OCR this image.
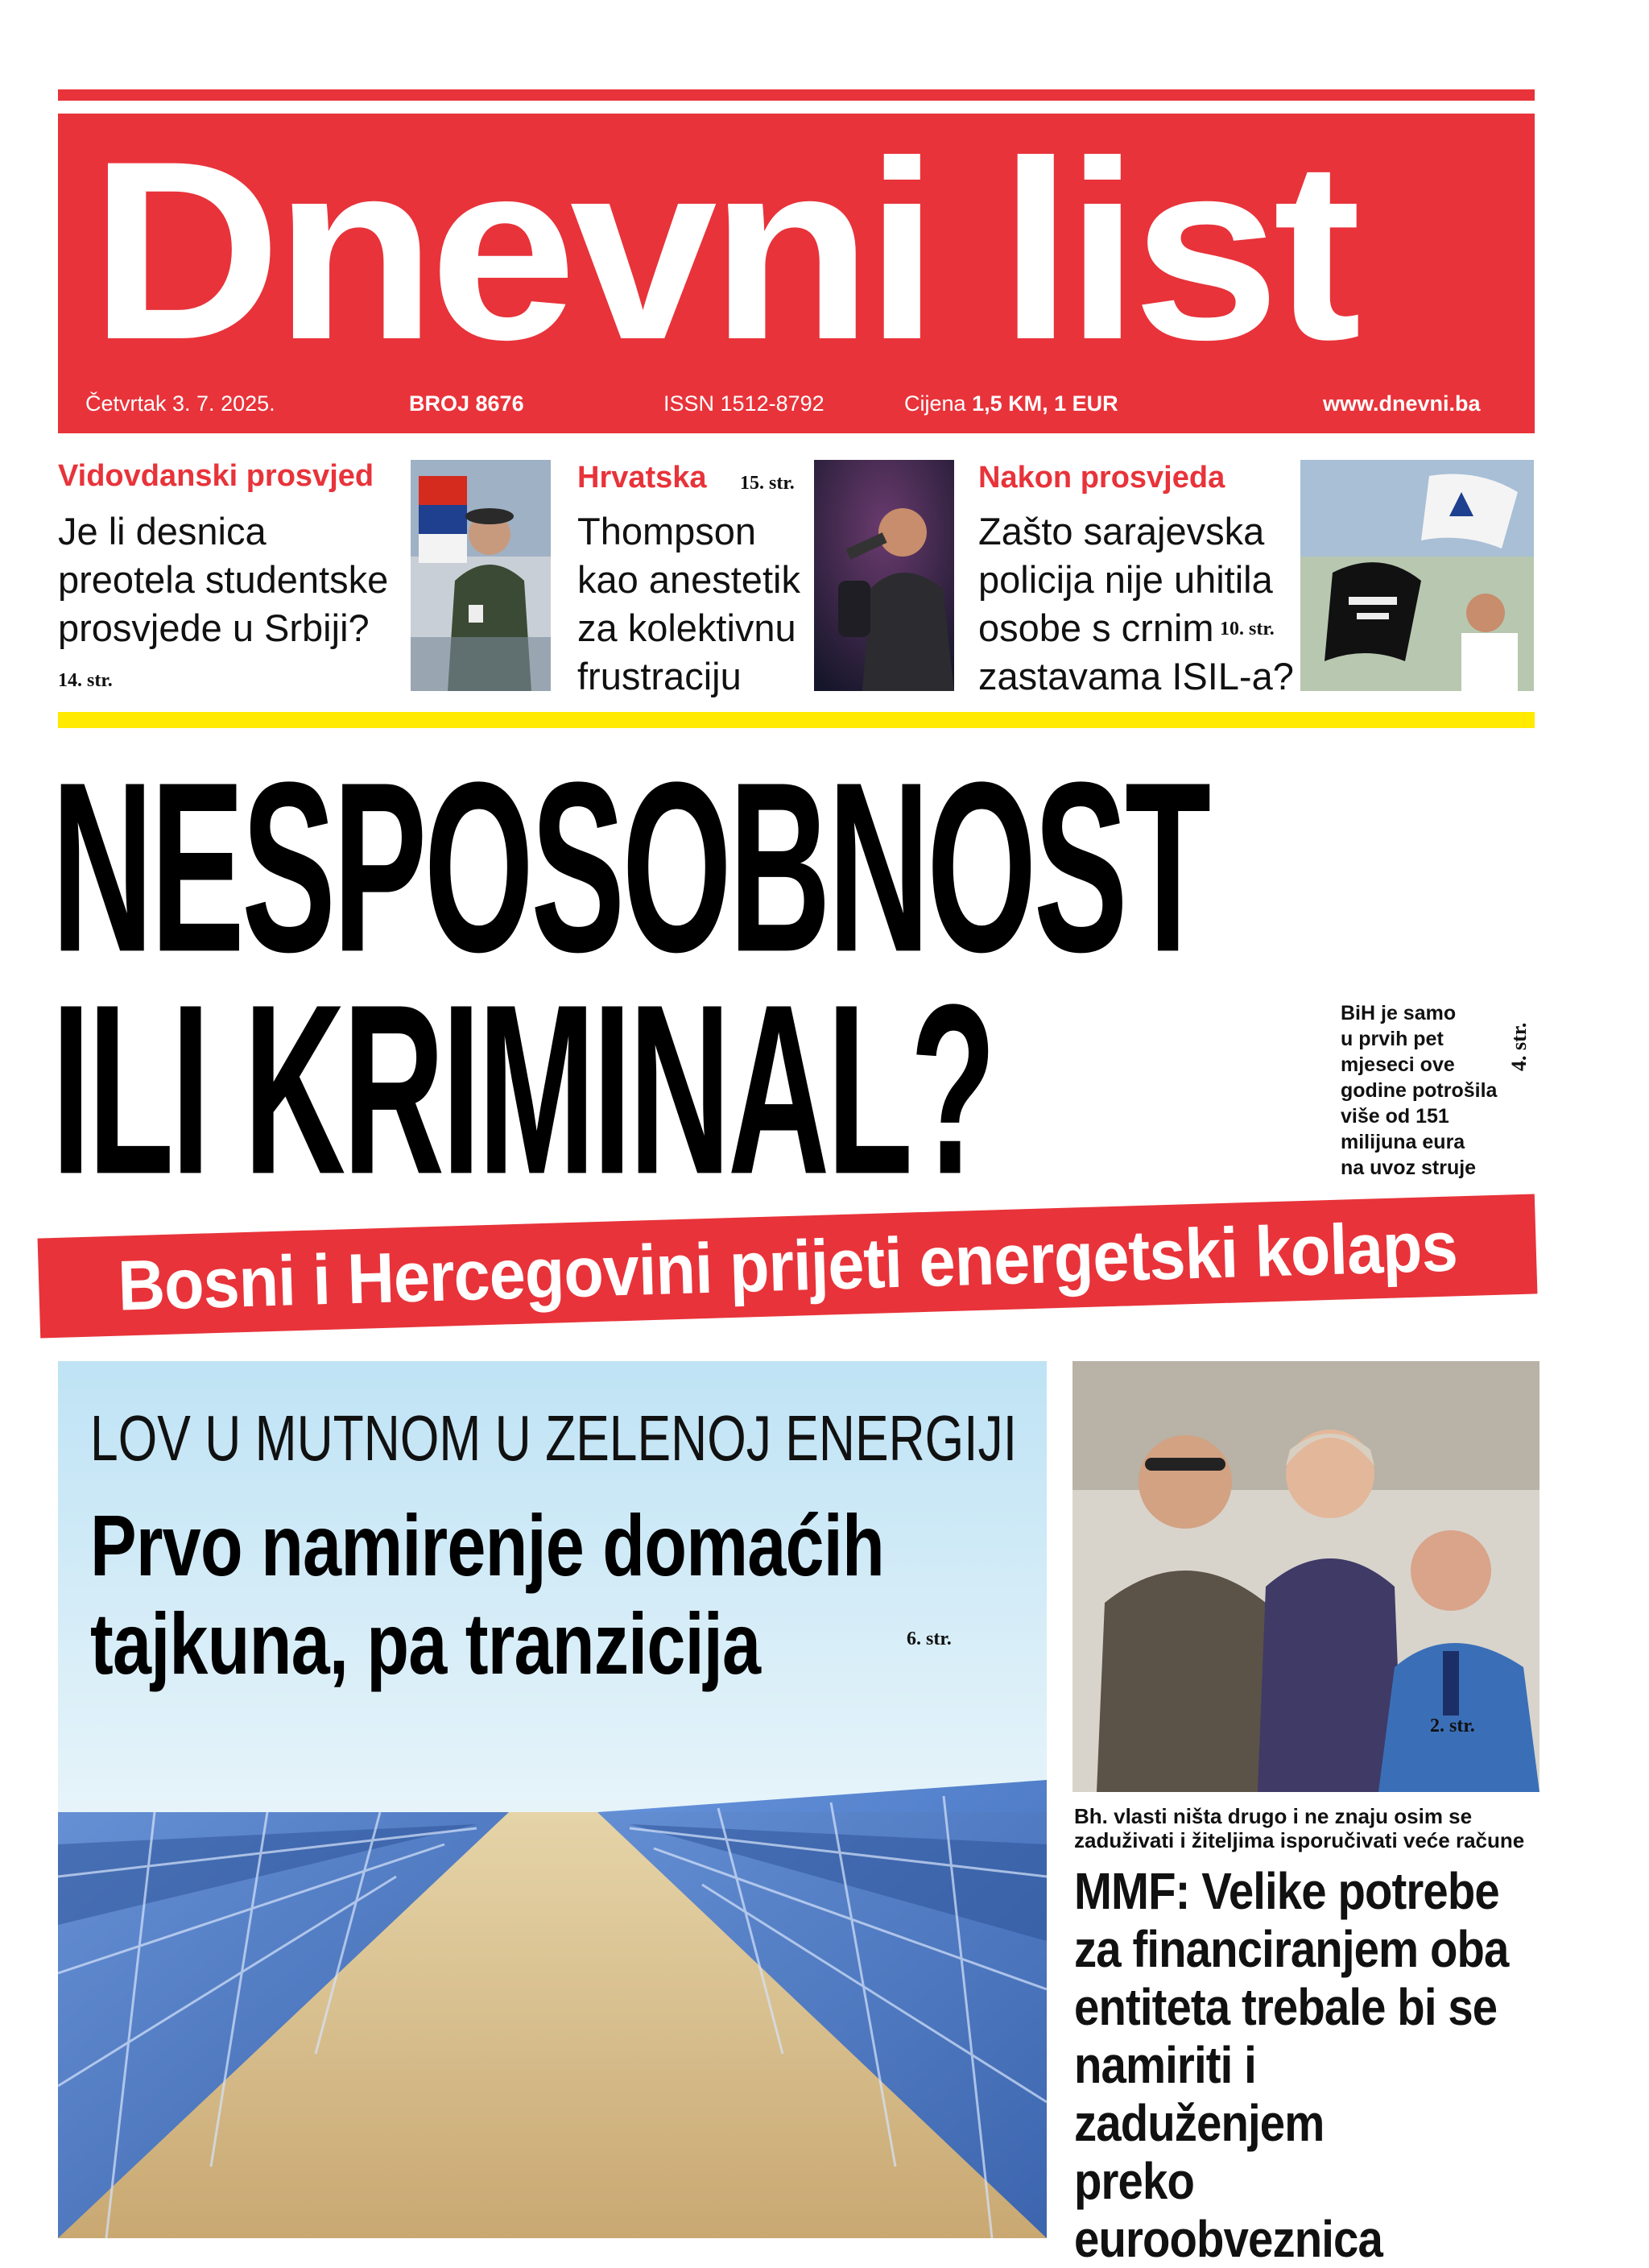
Dnevni list
Četvrtak 3. 7. 2025.	BROJ 8676	ISSN 1512-8792	Cijena 1,5 KM, 1 EUR	www.dnevni.ba
Vidovdanski prosvjed
Je li desnica
preotela studentske
prosvjede u Srbiji?
14. str.
Hrvatska 15. str.
Thompson
kao anestetik
za kolektivnu
frustraciju
Nakon prosvjeda
Zašto sarajevska
policija nije uhitila
osobe s crnim
zastavama ISIL-a?
10. str.
NESPOSOBNOST
ILI KRIMINAL?	BiH je samo
u prvih pet
mjeseci ove
godine potrošila
više od 151
milijuna eura
na uvoz struje
4. str.
Bosni i Hercegovini prijeti energetski kolaps
LOV U MUTNOM U ZELENOJ ENERGIJI
Prvo namirenje domaćih
tajkuna, pa tranzicija	6. str.
2. str.
Bh. vlasti ništa drugo i ne znaju osim se
zaduživati i žiteljima isporučivati veće račune
MMF: Velike potrebe
za financiranjem oba
entiteta trebale bi se
namiriti i zaduženjem
preko euroobveznica
